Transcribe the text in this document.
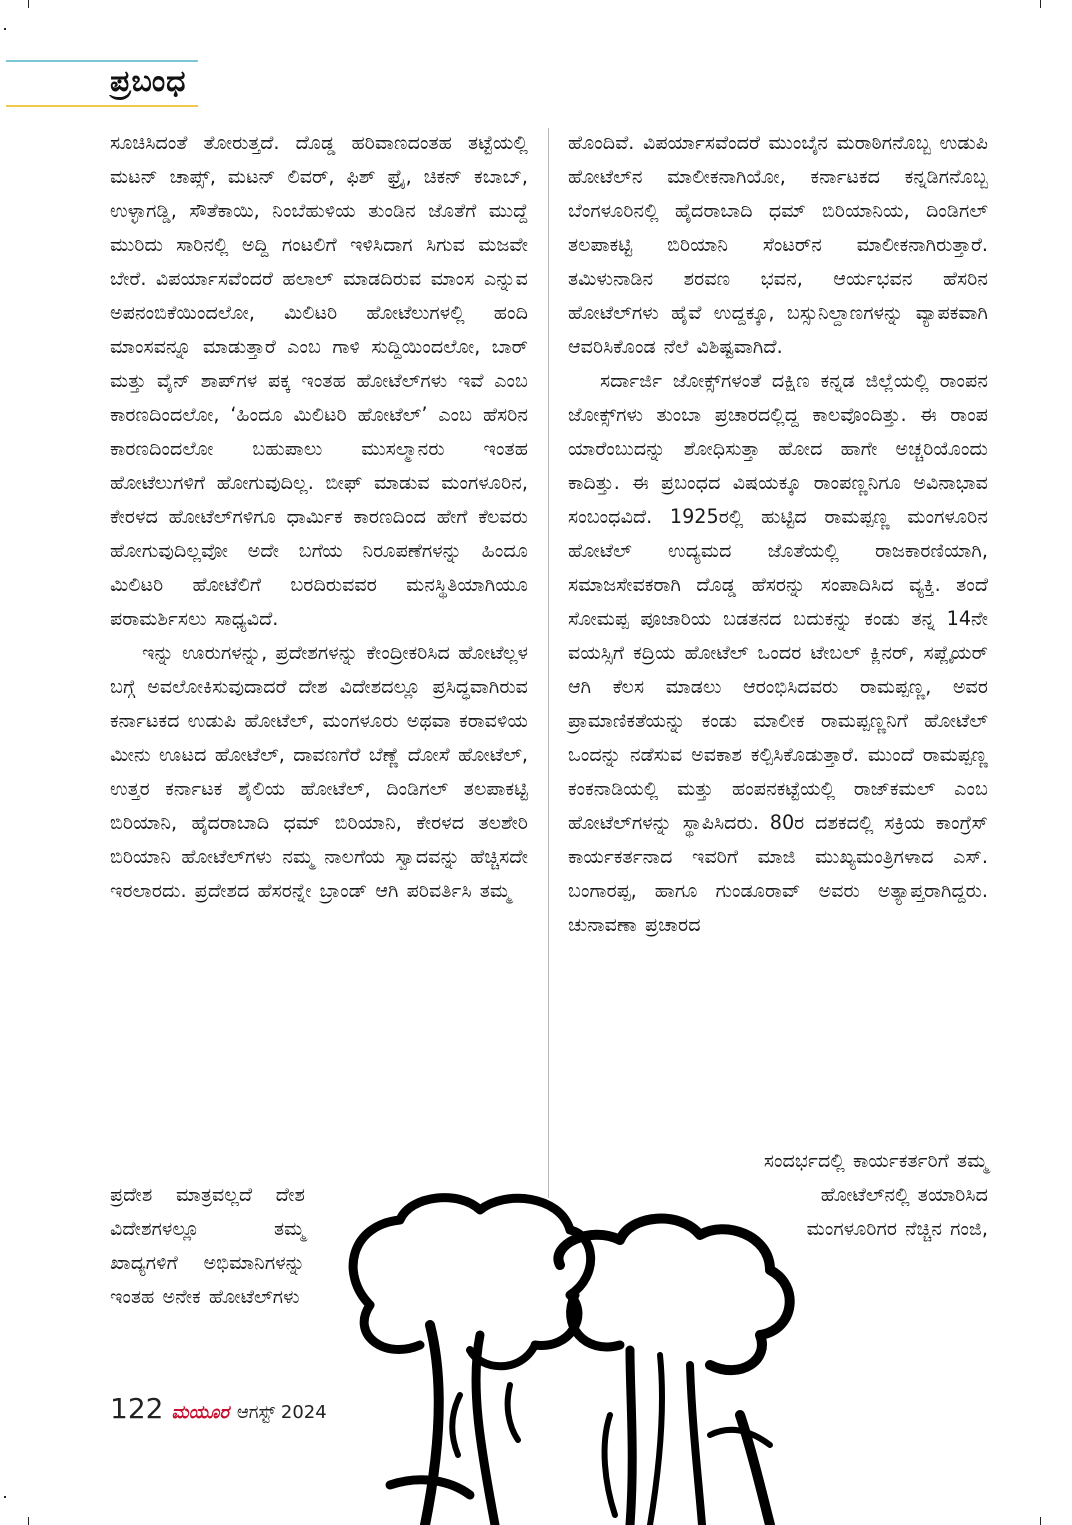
ಪ್ರಬಂಧ

ಸೂಚಿಸಿದಂತೆ ತೋರುತ್ತದೆ. ದೊಡ್ಡ ಹರಿವಾಣದಂತಹ ತಟ್ಟೆಯಲ್ಲಿ ಮಟನ್ ಚಾಪ್ಸ್, ಮಟನ್ ಲಿವರ್, ಫಿಶ್ ಫ್ರೈ, ಚಿಕನ್ ಕಬಾಬ್, ಉಳ್ಳಾಗಡ್ಡಿ, ಸೌತೆಕಾಯಿ, ನಿಂಬೆಹುಳಿಯ ತುಂಡಿನ ಜೊತೆಗೆ ಮುದ್ದೆ ಮುರಿದು ಸಾರಿನಲ್ಲಿ ಅದ್ದಿ ಗಂಟಲಿಗೆ ಇಳಿಸಿದಾಗ ಸಿಗುವ ಮಜವೇ ಬೇರೆ. ವಿಪರ್ಯಾಸವೆಂದರೆ ಹಲಾಲ್ ಮಾಡದಿರುವ ಮಾಂಸ ಎನ್ನುವ ಅಪನಂಬಿಕೆಯಿಂದಲೋ, ಮಿಲಿಟರಿ ಹೋಟೆಲುಗಳಲ್ಲಿ ಹಂದಿ ಮಾಂಸವನ್ನೂ ಮಾಡುತ್ತಾರೆ ಎಂಬ ಗಾಳಿ ಸುದ್ದಿಯಿಂದಲೋ, ಬಾರ್ ಮತ್ತು ವೈನ್ ಶಾಪ್‌ಗಳ ಪಕ್ಕ ಇಂತಹ ಹೋಟೆಲ್‌ಗಳು ಇವೆ ಎಂಬ ಕಾರಣದಿಂದಲೋ, ‘ಹಿಂದೂ ಮಿಲಿಟರಿ ಹೋಟೆಲ್’ ಎಂಬ ಹೆಸರಿನ ಕಾರಣದಿಂದಲೋ ಬಹುಪಾಲು ಮುಸಲ್ಮಾನರು ಇಂತಹ ಹೋಟೆಲುಗಳಿಗೆ ಹೋಗುವುದಿಲ್ಲ. ಬೀಫ್ ಮಾಡುವ ಮಂಗಳೂರಿನ, ಕೇರಳದ ಹೋಟೆಲ್‌ಗಳಿಗೂ ಧಾರ್ಮಿಕ ಕಾರಣದಿಂದ ಹೇಗೆ ಕೆಲವರು ಹೋಗುವುದಿಲ್ಲವೋ ಅದೇ ಬಗೆಯ ನಿರೂಪಣೆಗಳನ್ನು ಹಿಂದೂ ಮಿಲಿಟರಿ ಹೋಟೆಲಿಗೆ ಬರದಿರುವವರ ಮನಸ್ಥಿತಿಯಾಗಿಯೂ ಪರಾಮರ್ಶಿಸಲು ಸಾಧ್ಯವಿದೆ.

ಇನ್ನು ಊರುಗಳನ್ನು, ಪ್ರದೇಶಗಳನ್ನು ಕೇಂದ್ರೀಕರಿಸಿದ ಹೋಟೆಲ್ಲಳ ಬಗ್ಗೆ ಅವಲೋಕಿಸುವುದಾದರೆ ದೇಶ ವಿದೇಶದಲ್ಲೂ ಪ್ರಸಿದ್ಧವಾಗಿರುವ ಕರ್ನಾಟಕದ ಉಡುಪಿ ಹೋಟೆಲ್, ಮಂಗಳೂರು ಅಥವಾ ಕರಾವಳಿಯ ಮೀನು ಊಟದ ಹೋಟೆಲ್, ದಾವಣಗೆರೆ ಬೆಣ್ಣೆ ದೋಸೆ ಹೋಟೆಲ್, ಉತ್ತರ ಕರ್ನಾಟಕ ಶೈಲಿಯ ಹೋಟೆಲ್, ದಿಂಡಿಗಲ್ ತಲಪಾಕಟ್ಟಿ ಬಿರಿಯಾನಿ, ಹೈದರಾಬಾದಿ ಧಮ್ ಬಿರಿಯಾನಿ, ಕೇರಳದ ತಲಶೇರಿ ಬಿರಿಯಾನಿ ಹೋಟೆಲ್‌ಗಳು ನಮ್ಮ ನಾಲಗೆಯ ಸ್ವಾದವನ್ನು ಹೆಚ್ಚಿಸದೇ ಇರಲಾರದು. ಪ್ರದೇಶದ ಹೆಸರನ್ನೇ ಬ್ರಾಂಡ್ ಆಗಿ ಪರಿವರ್ತಿಸಿ ತಮ್ಮ

ಹೊಂದಿವೆ. ವಿಪರ್ಯಾಸವೆಂದರೆ ಮುಂಬೈನ ಮರಾಠಿಗನೊಬ್ಬ ಉಡುಪಿ ಹೋಟೆಲ್‌ನ ಮಾಲೀಕನಾಗಿಯೋ, ಕರ್ನಾಟಕದ ಕನ್ನಡಿಗನೊಬ್ಬ ಬೆಂಗಳೂರಿನಲ್ಲಿ ಹೈದರಾಬಾದಿ ಧಮ್ ಬಿರಿಯಾನಿಯ, ದಿಂಡಿಗಲ್ ತಲಪಾಕಟ್ಟಿ ಬಿರಿಯಾನಿ ಸೆಂಟರ್‌ನ ಮಾಲೀಕನಾಗಿರುತ್ತಾರೆ. ತಮಿಳುನಾಡಿನ ಶರವಣ ಭವನ, ಆರ್ಯಭವನ ಹೆಸರಿನ ಹೋಟೆಲ್‌ಗಳು ಹೈವೆ ಉದ್ದಕ್ಕೂ, ಬಸ್ಸುನಿಲ್ದಾಣಗಳನ್ನು ವ್ಯಾಪಕವಾಗಿ ಆವರಿಸಿಕೊಂಡ ನೆಲೆ ವಿಶಿಷ್ಟವಾಗಿದೆ.

ಸರ್ದಾರ್ಜಿ ಜೋಕ್ಸ್‌ಗಳಂತೆ ದಕ್ಷಿಣ ಕನ್ನಡ ಜಿಲ್ಲೆಯಲ್ಲಿ ರಾಂಪನ ಜೋಕ್ಸ್‌ಗಳು ತುಂಬಾ ಪ್ರಚಾರದಲ್ಲಿದ್ದ ಕಾಲವೊಂದಿತ್ತು. ಈ ರಾಂಪ ಯಾರೆಂಬುದನ್ನು ಶೋಧಿಸುತ್ತಾ ಹೋದ ಹಾಗೇ ಅಚ್ಚರಿಯೊಂದು ಕಾದಿತ್ತು. ಈ ಪ್ರಬಂಧದ ವಿಷಯಕ್ಕೂ ರಾಂಪಣ್ಣನಿಗೂ ಅವಿನಾಭಾವ ಸಂಬಂಧವಿದೆ. 1925ರಲ್ಲಿ ಹುಟ್ಟಿದ ರಾಮಪ್ಪಣ್ಣ ಮಂಗಳೂರಿನ ಹೋಟೆಲ್ ಉದ್ಯಮದ ಜೊತೆಯಲ್ಲಿ ರಾಜಕಾರಣಿಯಾಗಿ, ಸಮಾಜಸೇವಕರಾಗಿ ದೊಡ್ಡ ಹೆಸರನ್ನು ಸಂಪಾದಿಸಿದ ವ್ಯಕ್ತಿ. ತಂದೆ ಸೋಮಪ್ಪ ಪೂಜಾರಿಯ ಬಡತನದ ಬದುಕನ್ನು ಕಂಡು ತನ್ನ 14ನೇ ವಯಸ್ಸಿಗೆ ಕದ್ರಿಯ ಹೋಟೆಲ್ ಒಂದರ ಟೇಬಲ್ ಕ್ಲಿನರ್, ಸಪ್ಲೈಯರ್ ಆಗಿ ಕೆಲಸ ಮಾಡಲು ಆರಂಭಿಸಿದವರು ರಾಮಪ್ಪಣ್ಣ, ಅವರ ಪ್ರಾಮಾಣಿಕತೆಯನ್ನು ಕಂಡು ಮಾಲೀಕ ರಾಮಪ್ಪಣ್ಣನಿಗೆ ಹೋಟೆಲ್ ಒಂದನ್ನು ನಡೆಸುವ ಅವಕಾಶ ಕಲ್ಪಿಸಿಕೊಡುತ್ತಾರೆ. ಮುಂದೆ ರಾಮಪ್ಪಣ್ಣ ಕಂಕನಾಡಿಯಲ್ಲಿ ಮತ್ತು ಹಂಪನಕಟ್ಟೆಯಲ್ಲಿ ರಾಜ್‌ಕಮಲ್ ಎಂಬ ಹೋಟೆಲ್‌ಗಳನ್ನು ಸ್ಥಾಪಿಸಿದರು. 80ರ ದಶಕದಲ್ಲಿ ಸಕ್ರಿಯ ಕಾಂಗ್ರೆಸ್ ಕಾರ್ಯಕರ್ತನಾದ ಇವರಿಗೆ ಮಾಜಿ ಮುಖ್ಯಮಂತ್ರಿಗಳಾದ ಎಸ್. ಬಂಗಾರಪ್ಪ, ಹಾಗೂ ಗುಂಡೂರಾವ್ ಅವರು ಅತ್ಯಾಪ್ತರಾಗಿದ್ದರು. ಚುನಾವಣಾ ಪ್ರಚಾರದ

ಪ್ರದೇಶ ಮಾತ್ರವಲ್ಲದೆ ದೇಶ ವಿದೇಶಗಳಲ್ಲೂ ತಮ್ಮ ಖಾದ್ಯಗಳಿಗೆ ಅಭಿಮಾನಿಗಳನ್ನು ಇಂತಹ ಅನೇಕ ಹೋಟೆಲ್‌ಗಳು
ಸಂದರ್ಭದಲ್ಲಿ ಕಾರ್ಯಕರ್ತರಿಗೆ ತಮ್ಮ ಹೋಟೆಲ್‌ನಲ್ಲಿ ತಯಾರಿಸಿದ ಮಂಗಳೂರಿಗರ ನೆಚ್ಚಿನ ಗಂಜಿ,
122 ಮಯೂರ ಆಗಸ್ಟ್ 2024
